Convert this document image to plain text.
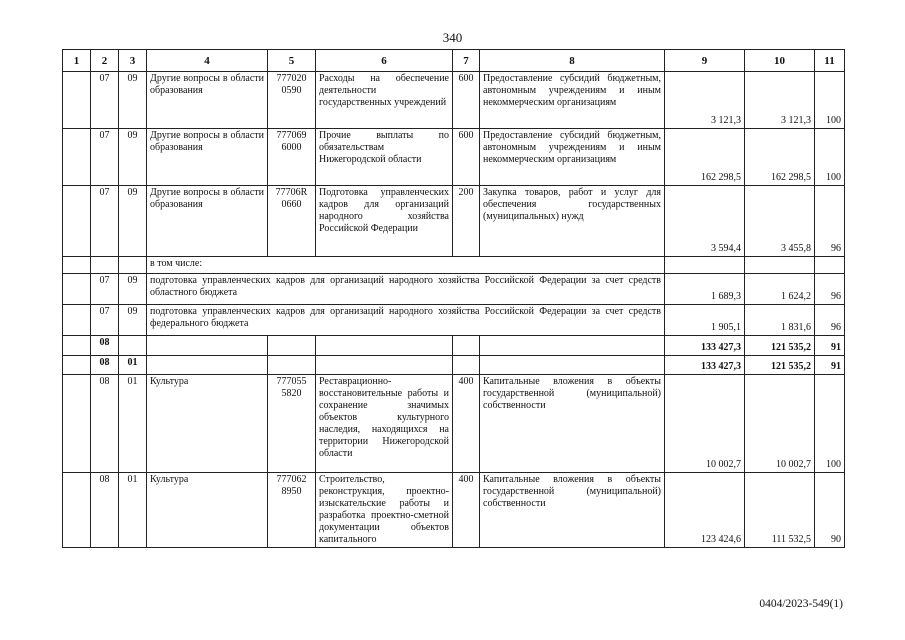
340
1	2	3	4	5	6	7	8	9	10	11
	07	09	Другие вопросы в области образования	777020 0590	Расходы на обеспечение деятельности государственных учреждений	600	Предоставление субсидий бюджетным, автономным учреждениям и иным некоммерческим организациям	3 121,3	3 121,3	100
	07	09	Другие вопросы в области образования	777069 6000	Прочие выплаты по обязательствам Нижегородской области	600	Предоставление субсидий бюджетным, автономным учреждениям и иным некоммерческим организациям	162 298,5	162 298,5	100
	07	09	Другие вопросы в области образования	77706R 0660	Подготовка управленческих кадров для организаций народного хозяйства Российской Федерации	200	Закупка товаров, работ и услуг для обеспечения государственных (муниципальных) нужд	3 594,4	3 455,8	96
			в том числе:							
	07	09	подготовка управленческих кадров для организаций народного хозяйства Российской Федерации за счет средств областного бюджета					1 689,3	1 624,2	96
	07	09	подготовка управленческих кадров для организаций народного хозяйства Российской Федерации за счет средств федерального бюджета					1 905,1	1 831,6	96
	08							133 427,3	121 535,2	91
	08	01						133 427,3	121 535,2	91
	08	01	Культура	777055 5820	Реставрационно-восстановительные работы и сохранение значимых объектов культурного наследия, находящихся на территории Нижегородской области	400	Капитальные вложения в объекты государственной (муниципальной) собственности	10 002,7	10 002,7	100
	08	01	Культура	777062 8950	Строительство, реконструкция, проектно-изыскательские работы и разработка проектно-сметной документации объектов капитального	400	Капитальные вложения в объекты государственной (муниципальной) собственности	123 424,6	111 532,5	90
0404/2023-549(1)
